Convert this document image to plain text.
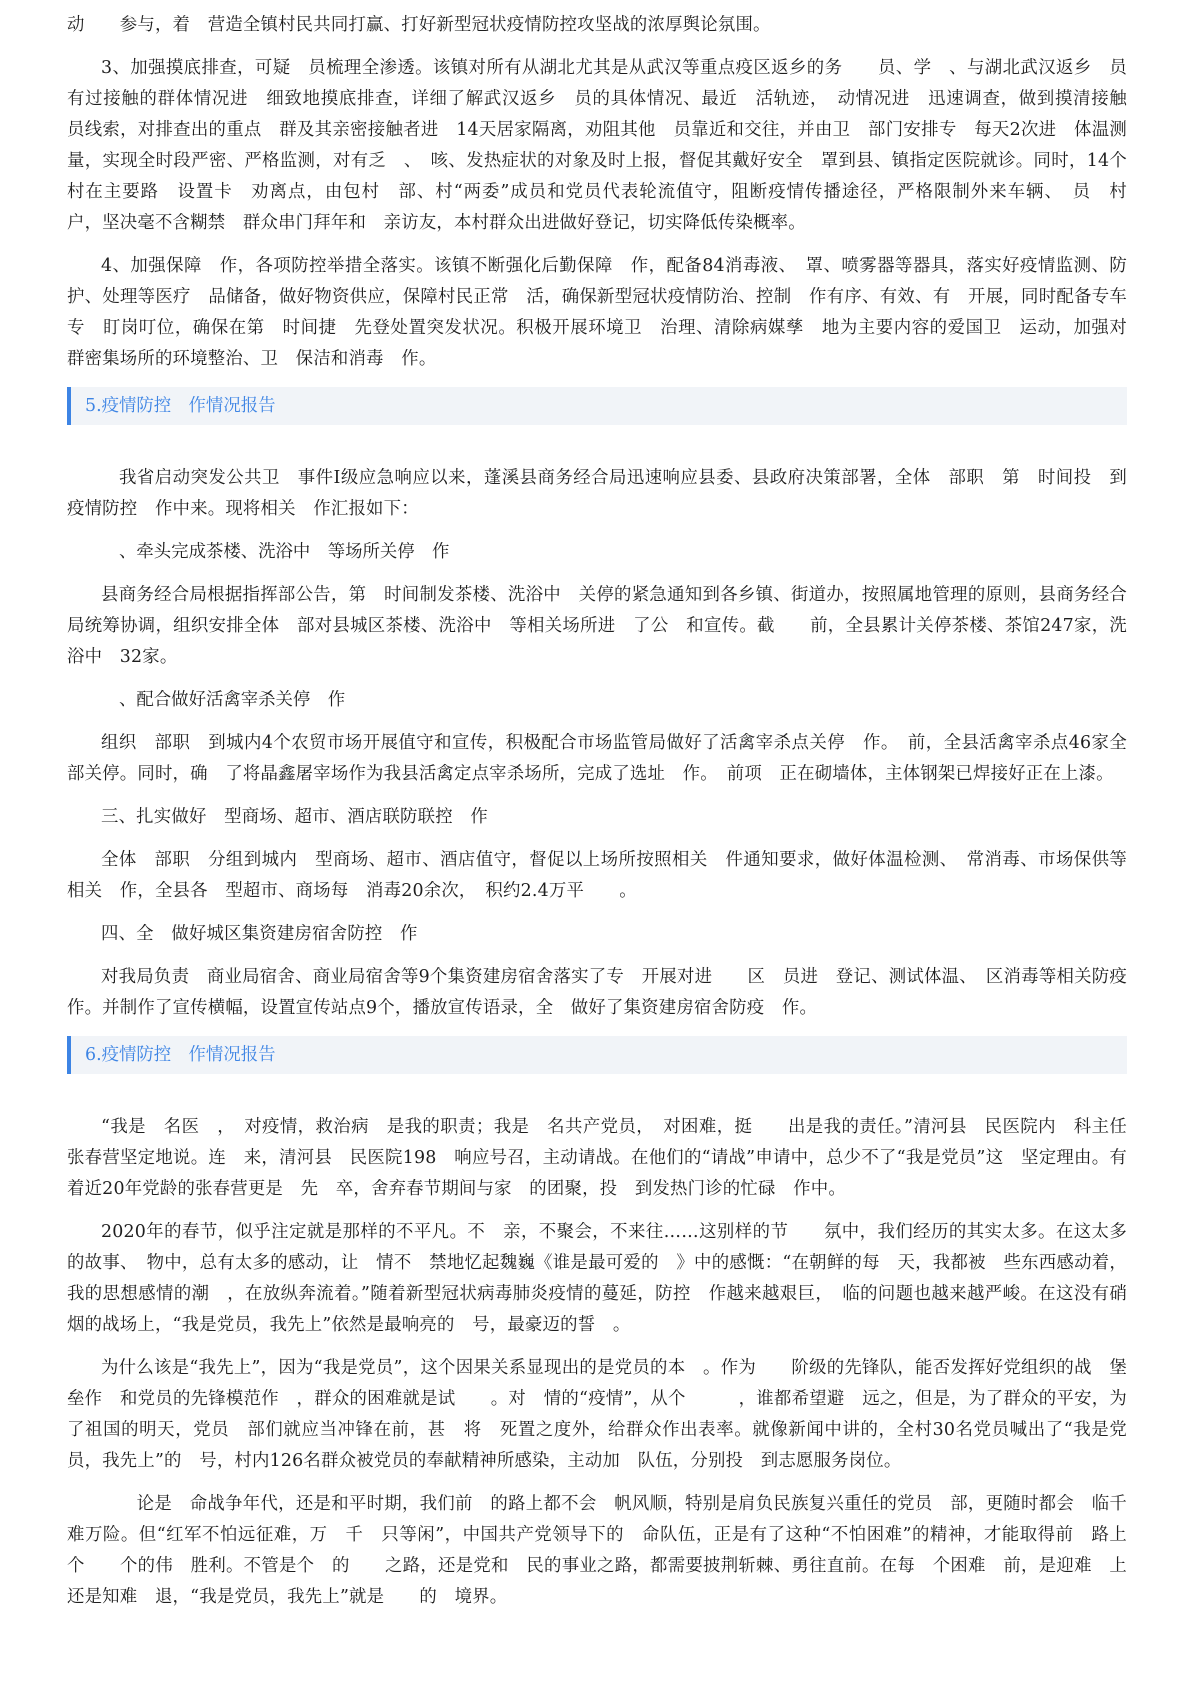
动　　参与，着　营造全镇村民共同打赢、打好新型冠状疫情防控攻坚战的浓厚舆论氛围。

3、加强摸底排查，可疑　员梳理全渗透。该镇对所有从湖北尤其是从武汉等重点疫区返乡的务　　员、学　、与湖北武汉返乡　员有过接触的群体情况进　细致地摸底排查，详细了解武汉返乡　员的具体情况、最近　活轨迹，　动情况进　迅速调查，做到摸清接触　员线索，对排查出的重点　群及其亲密接触者进　14天居家隔离，劝阻其他　员靠近和交往，并由卫　部门安排专　每天2次进　体温测量，实现全时段严密、严格监测，对有乏　、　咳、发热症状的对象及时上报，督促其戴好安全　罩到县、镇指定医院就诊。同时，14个村在主要路　设置卡　劝离点，由包村　部、村“两委”成员和党员代表轮流值守，阻断疫情传播途径，严格限制外来车辆、　员　村　户，坚决毫不含糊禁　群众串门拜年和　亲访友，本村群众出进做好登记，切实降低传染概率。

4、加强保障　作，各项防控举措全落实。该镇不断强化后勤保障　作，配备84消毒液、　罩、喷雾器等器具，落实好疫情监测、防护、处理等医疗　品储备，做好物资供应，保障村民正常　活，确保新型冠状疫情防治、控制　作有序、有效、有　开展，同时配备专车专　盯岗叮位，确保在第　时间捷　先登处置突发状况。积极开展环境卫　治理、清除病媒孳　地为主要内容的爱国卫　运动，加强对　群密集场所的环境整治、卫　保洁和消毒　作。

5.疫情防控　作情况报告

我省启动突发公共卫　事件Ⅰ级应急响应以来，蓬溪县商务经合局迅速响应县委、县政府决策部署，全体　部职　第　时间投　到疫情防控　作中来。现将相关　作汇报如下：

、牵头完成茶楼、洗浴中　等场所关停　作

县商务经合局根据指挥部公告，第　时间制发茶楼、洗浴中　关停的紧急通知到各乡镇、街道办，按照属地管理的原则，县商务经合局统筹协调，组织安排全体　部对县城区茶楼、洗浴中　等相关场所进　了公　和宣传。截　　前，全县累计关停茶楼、茶馆247家，洗浴中　32家。

、配合做好活禽宰杀关停　作

组织　部职　到城内4个农贸市场开展值守和宣传，积极配合市场监管局做好了活禽宰杀点关停　作。　前，全县活禽宰杀点46家全部关停。同时，确　了将晶鑫屠宰场作为我县活禽定点宰杀场所，完成了选址　作。　前项　正在砌墙体，主体钢架已焊接好正在上漆。

三、扎实做好　型商场、超市、酒店联防联控　作

全体　部职　分组到城内　型商场、超市、酒店值守，督促以上场所按照相关　件通知要求，做好体温检测、　常消毒、市场保供等相关　作，全县各　型超市、商场每　消毒20余次，　积约2.4万平　　。

四、全　做好城区集资建房宿舍防控　作

对我局负责　商业局宿舍、商业局宿舍等9个集资建房宿舍落实了专　开展对进　　区　员进　登记、测试体温、　区消毒等相关防疫　作。并制作了宣传横幅，设置宣传站点9个，播放宣传语录，全　做好了集资建房宿舍防疫　作。

6.疫情防控　作情况报告

“我是　名医　，　对疫情，救治病　是我的职责；我是　名共产党员，　对困难，挺　　出是我的责任。”清河县　民医院内　科主任张春营坚定地说。连　来，清河县　民医院198　响应号召，主动请战。在他们的“请战”申请中，总少不了“我是党员”这　坚定理由。有着近20年党龄的张春营更是　先　卒，舍弃春节期间与家　的团聚，投　到发热门诊的忙碌　作中。

2020年的春节，似乎注定就是那样的不平凡。不　亲，不聚会，不来往……这别样的节　　氛中，我们经历的其实太多。在这太多的故事、　物中，总有太多的感动，让　情不　禁地忆起魏巍《谁是最可爱的　》中的感慨：“在朝鲜的每　天，我都被　些东西感动着，我的思想感情的潮　，在放纵奔流着。”随着新型冠状病毒肺炎疫情的蔓延，防控　作越来越艰巨，　临的问题也越来越严峻。在这没有硝烟的战场上，“我是党员，我先上”依然是最响亮的　号，最豪迈的誓　。

为什么该是“我先上”，因为“我是党员”，这个因果关系显现出的是党员的本　。作为　　阶级的先锋队，能否发挥好党组织的战　堡垒作　和党员的先锋模范作　，群众的困难就是试　　。对　情的“疫情”，从个　　　，谁都希望避　远之，但是，为了群众的平安，为了祖国的明天，党员　部们就应当冲锋在前，甚　将　死置之度外，给群众作出表率。就像新闻中讲的，全村30名党员喊出了“我是党员，我先上”的　号，村内126名群众被党员的奉献精神所感染，主动加　队伍，分别投　到志愿服务岗位。

　论是　命战争年代，还是和平时期，我们前　的路上都不会　帆风顺，特别是肩负民族复兴重任的党员　部，更随时都会　临千难万险。但“红军不怕远征难，万　千　只等闲”，中国共产党领导下的　命队伍，正是有了这种“不怕困难”的精神，才能取得前　路上　个　　个的伟　胜利。不管是个　的　　之路，还是党和　民的事业之路，都需要披荆斩棘、勇往直前。在每　个困难　前，是迎难　上还是知难　退，“我是党员，我先上”就是　　的　境界。
